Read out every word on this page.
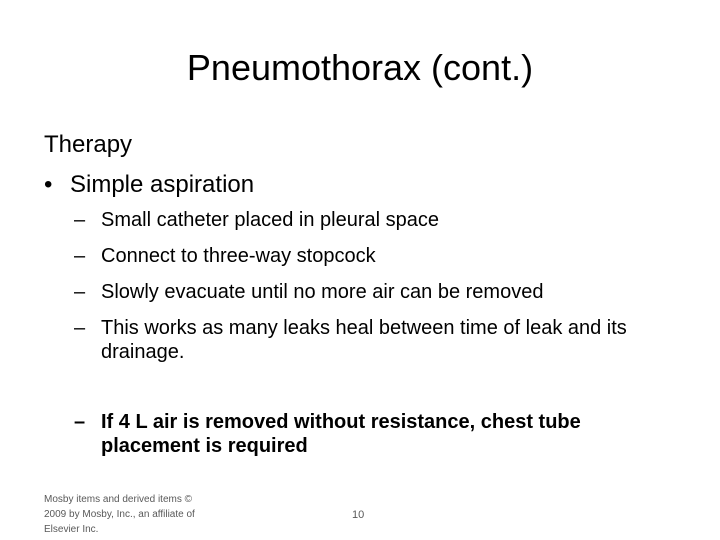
Pneumothorax (cont.)
Therapy
• Simple aspiration
– Small catheter placed in pleural space
– Connect to three-way stopcock
– Slowly evacuate until no more air can be removed
– This works as many leaks heal between time of leak and its drainage.
– If 4 L air is removed without resistance, chest tube placement is required
Mosby items and derived items © 2009 by Mosby, Inc., an affiliate of Elsevier Inc.
10
